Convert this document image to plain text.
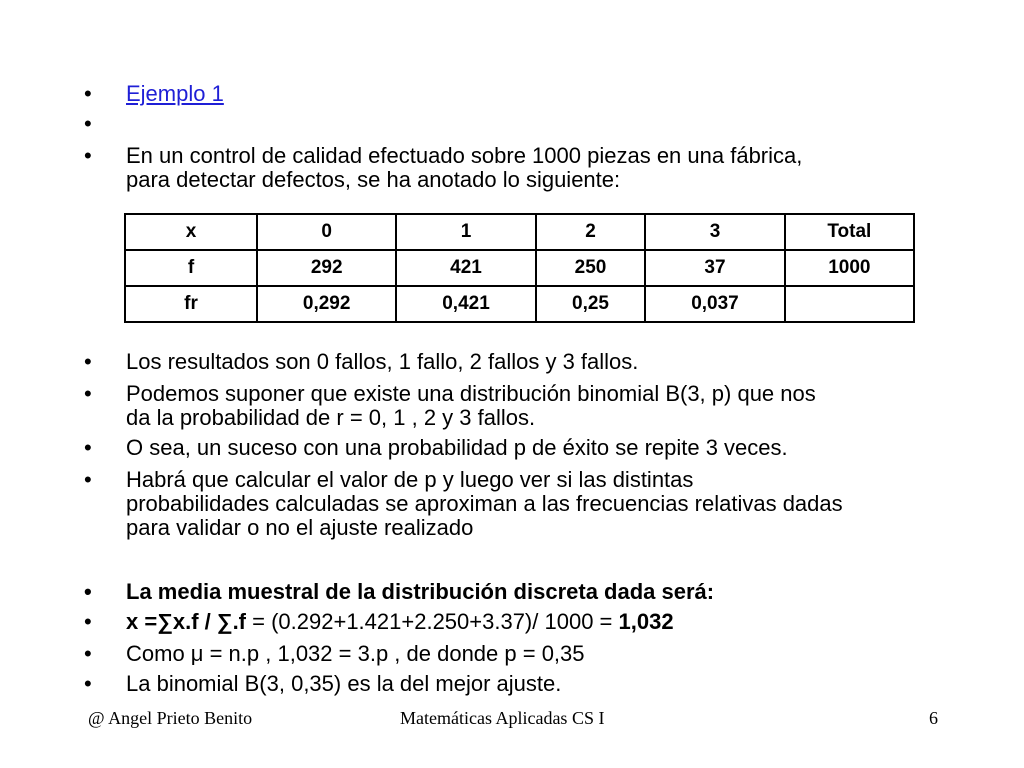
•	Ejemplo 1
•
•	En un control de calidad efectuado sobre 1000 piezas en una fábrica,
para detectar defectos, se ha anotado lo siguiente:
x	0	1	2	3	Total
f	292	421	250	37	1000
fr	0,292	0,421	0,25	0,037	
•	Los resultados son 0 fallos, 1 fallo, 2 fallos y 3 fallos.
•	Podemos suponer que existe una distribución binomial B(3, p) que nos
da la probabilidad de r = 0, 1 , 2 y 3 fallos.
•	O sea, un suceso con una probabilidad p de éxito se repite 3 veces.
•	Habrá que calcular el valor de p y luego ver si las distintas
probabilidades calculadas se aproximan a las frecuencias relativas dadas
para validar o no el ajuste realizado
•	La media muestral de la distribución discreta dada será:
•	x =∑x.f / ∑.f = (0.292+1.421+2.250+3.37)/ 1000 = 1,032
•	Como μ = n.p , 1,032 = 3.p , de donde p = 0,35
•	La binomial B(3, 0,35) es la del mejor ajuste.
@ Angel Prieto Benito	Matemáticas Aplicadas CS I	6
